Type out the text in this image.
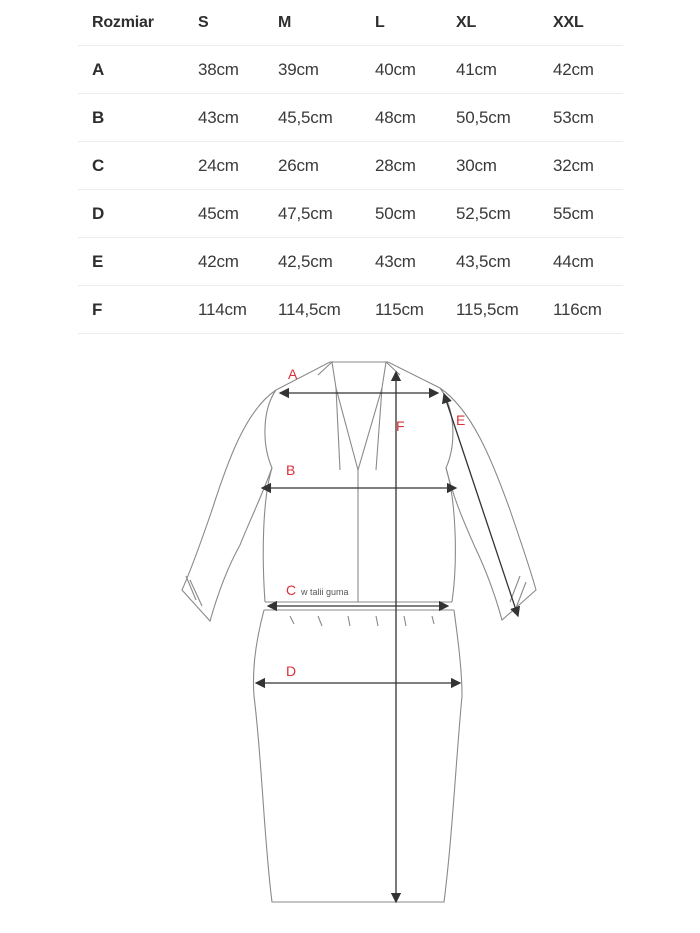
Rozmiar	S	M	L	XL	XXL
A	38cm	39cm	40cm	41cm	42cm
B	43cm	45,5cm	48cm	50,5cm	53cm
C	24cm	26cm	28cm	30cm	32cm
D	45cm	47,5cm	50cm	52,5cm	55cm
E	42cm	42,5cm	43cm	43,5cm	44cm
F	114cm	114,5cm	115cm	115,5cm	116cm
A
B
C
D
E
F
w talii guma
